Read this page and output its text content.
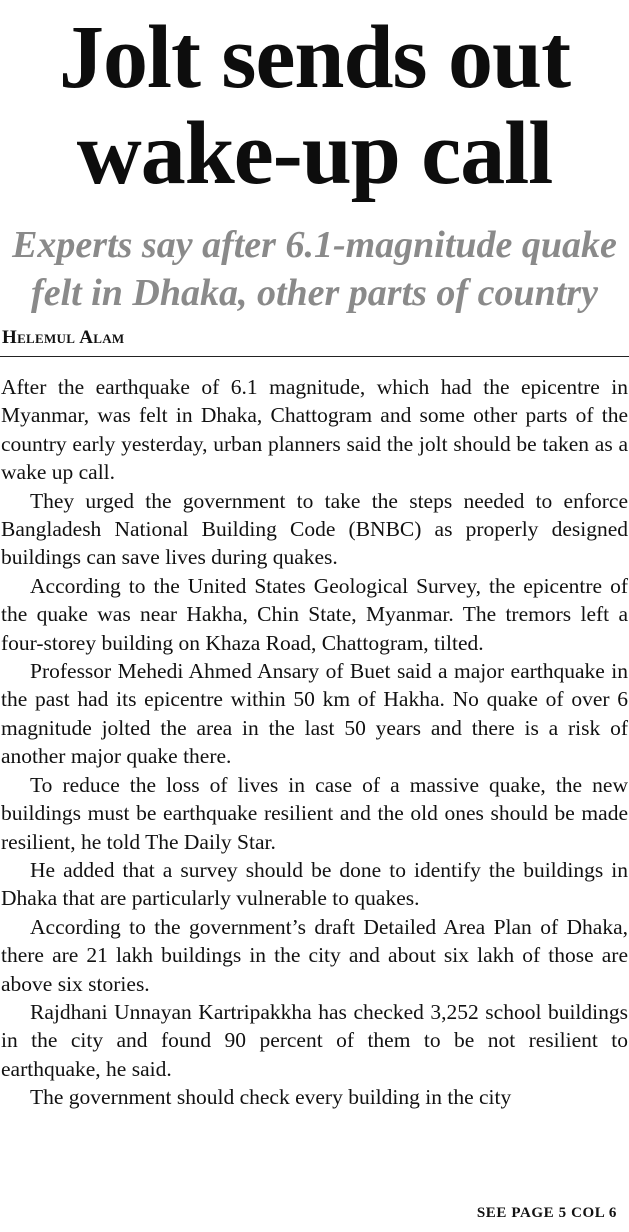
Jolt sends out
wake-up call
Experts say after 6.1-magnitude quake
felt in Dhaka, other parts of country
Helemul Alam

After the earthquake of 6.1 magnitude, which had the epicentre in Myanmar, was felt in Dhaka, Chattogram and some other parts of the country early yesterday, urban planners said the jolt should be taken as a wake up call.

They urged the government to take the steps needed to enforce Bangladesh National Building Code (BNBC) as properly designed buildings can save lives during quakes.

According to the United States Geological Survey, the epicentre of the quake was near Hakha, Chin State, Myanmar. The tremors left a four-storey building on Khaza Road, Chattogram, tilted.

Professor Mehedi Ahmed Ansary of Buet said a major earthquake in the past had its epicentre within 50 km of Hakha. No quake of over 6 magnitude jolted the area in the last 50 years and there is a risk of another major quake there.

To reduce the loss of lives in case of a massive quake, the new buildings must be earthquake resilient and the old ones should be made resilient, he told The Daily Star.

He added that a survey should be done to identify the buildings in Dhaka that are particularly vulnerable to quakes.

According to the government’s draft Detailed Area Plan of Dhaka, there are 21 lakh buildings in the city and about six lakh of those are above six stories.

Rajdhani Unnayan Kartripakkha has checked 3,252 school buildings in the city and found 90 percent of them to be not resilient to earthquake, he said.

The government should check every building in the city

SEE PAGE 5 COL 6
